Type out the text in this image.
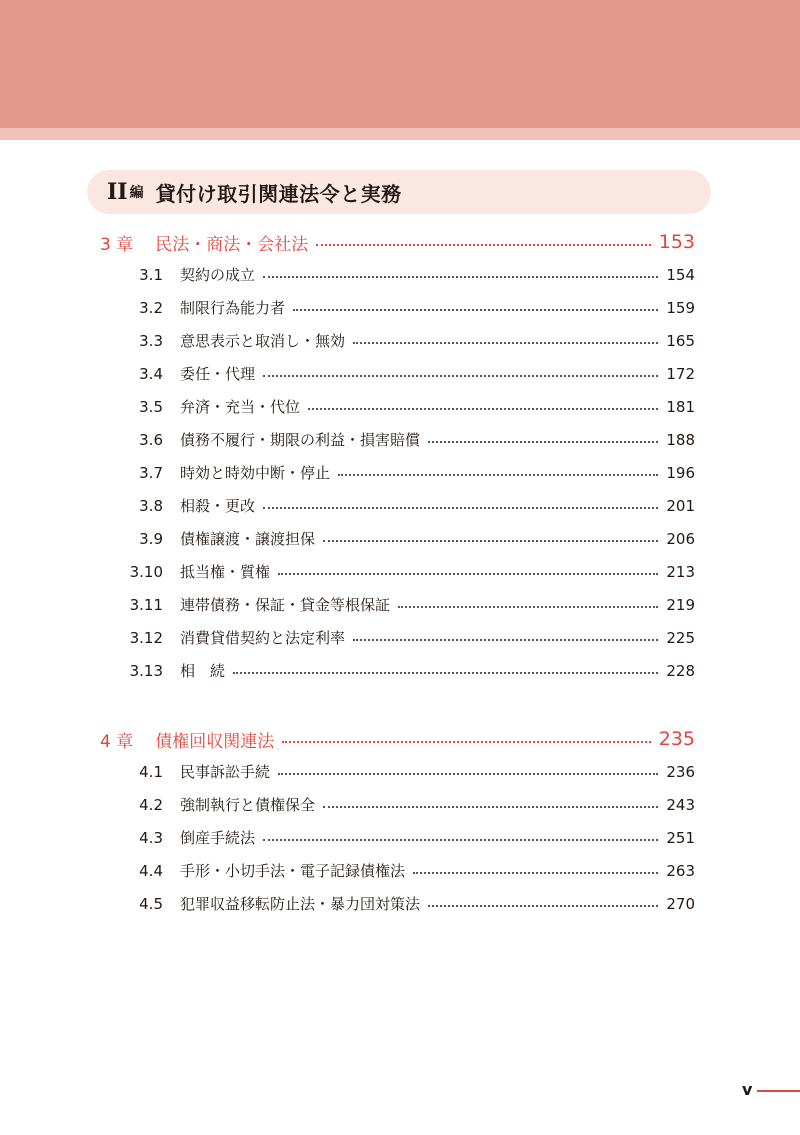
II 編 貸付け取引関連法令と実務
3 章 民法・商法・会社法	153
3.1 契約の成立	154
3.2 制限行為能力者	159
3.3 意思表示と取消し・無効	165
3.4 委任・代理	172
3.5 弁済・充当・代位	181
3.6 債務不履行・期限の利益・損害賠償	188
3.7 時効と時効中断・停止	196
3.8 相殺・更改	201
3.9 債権譲渡・譲渡担保	206
3.10 抵当権・質権	213
3.11 連帯債務・保証・貸金等根保証	219
3.12 消費貸借契約と法定利率	225
3.13 相　続	228
4 章 債権回収関連法	235
4.1 民事訴訟手続	236
4.2 強制執行と債権保全	243
4.3 倒産手続法	251
4.4 手形・小切手法・電子記録債権法	263
4.5 犯罪収益移転防止法・暴力団対策法	270
v
